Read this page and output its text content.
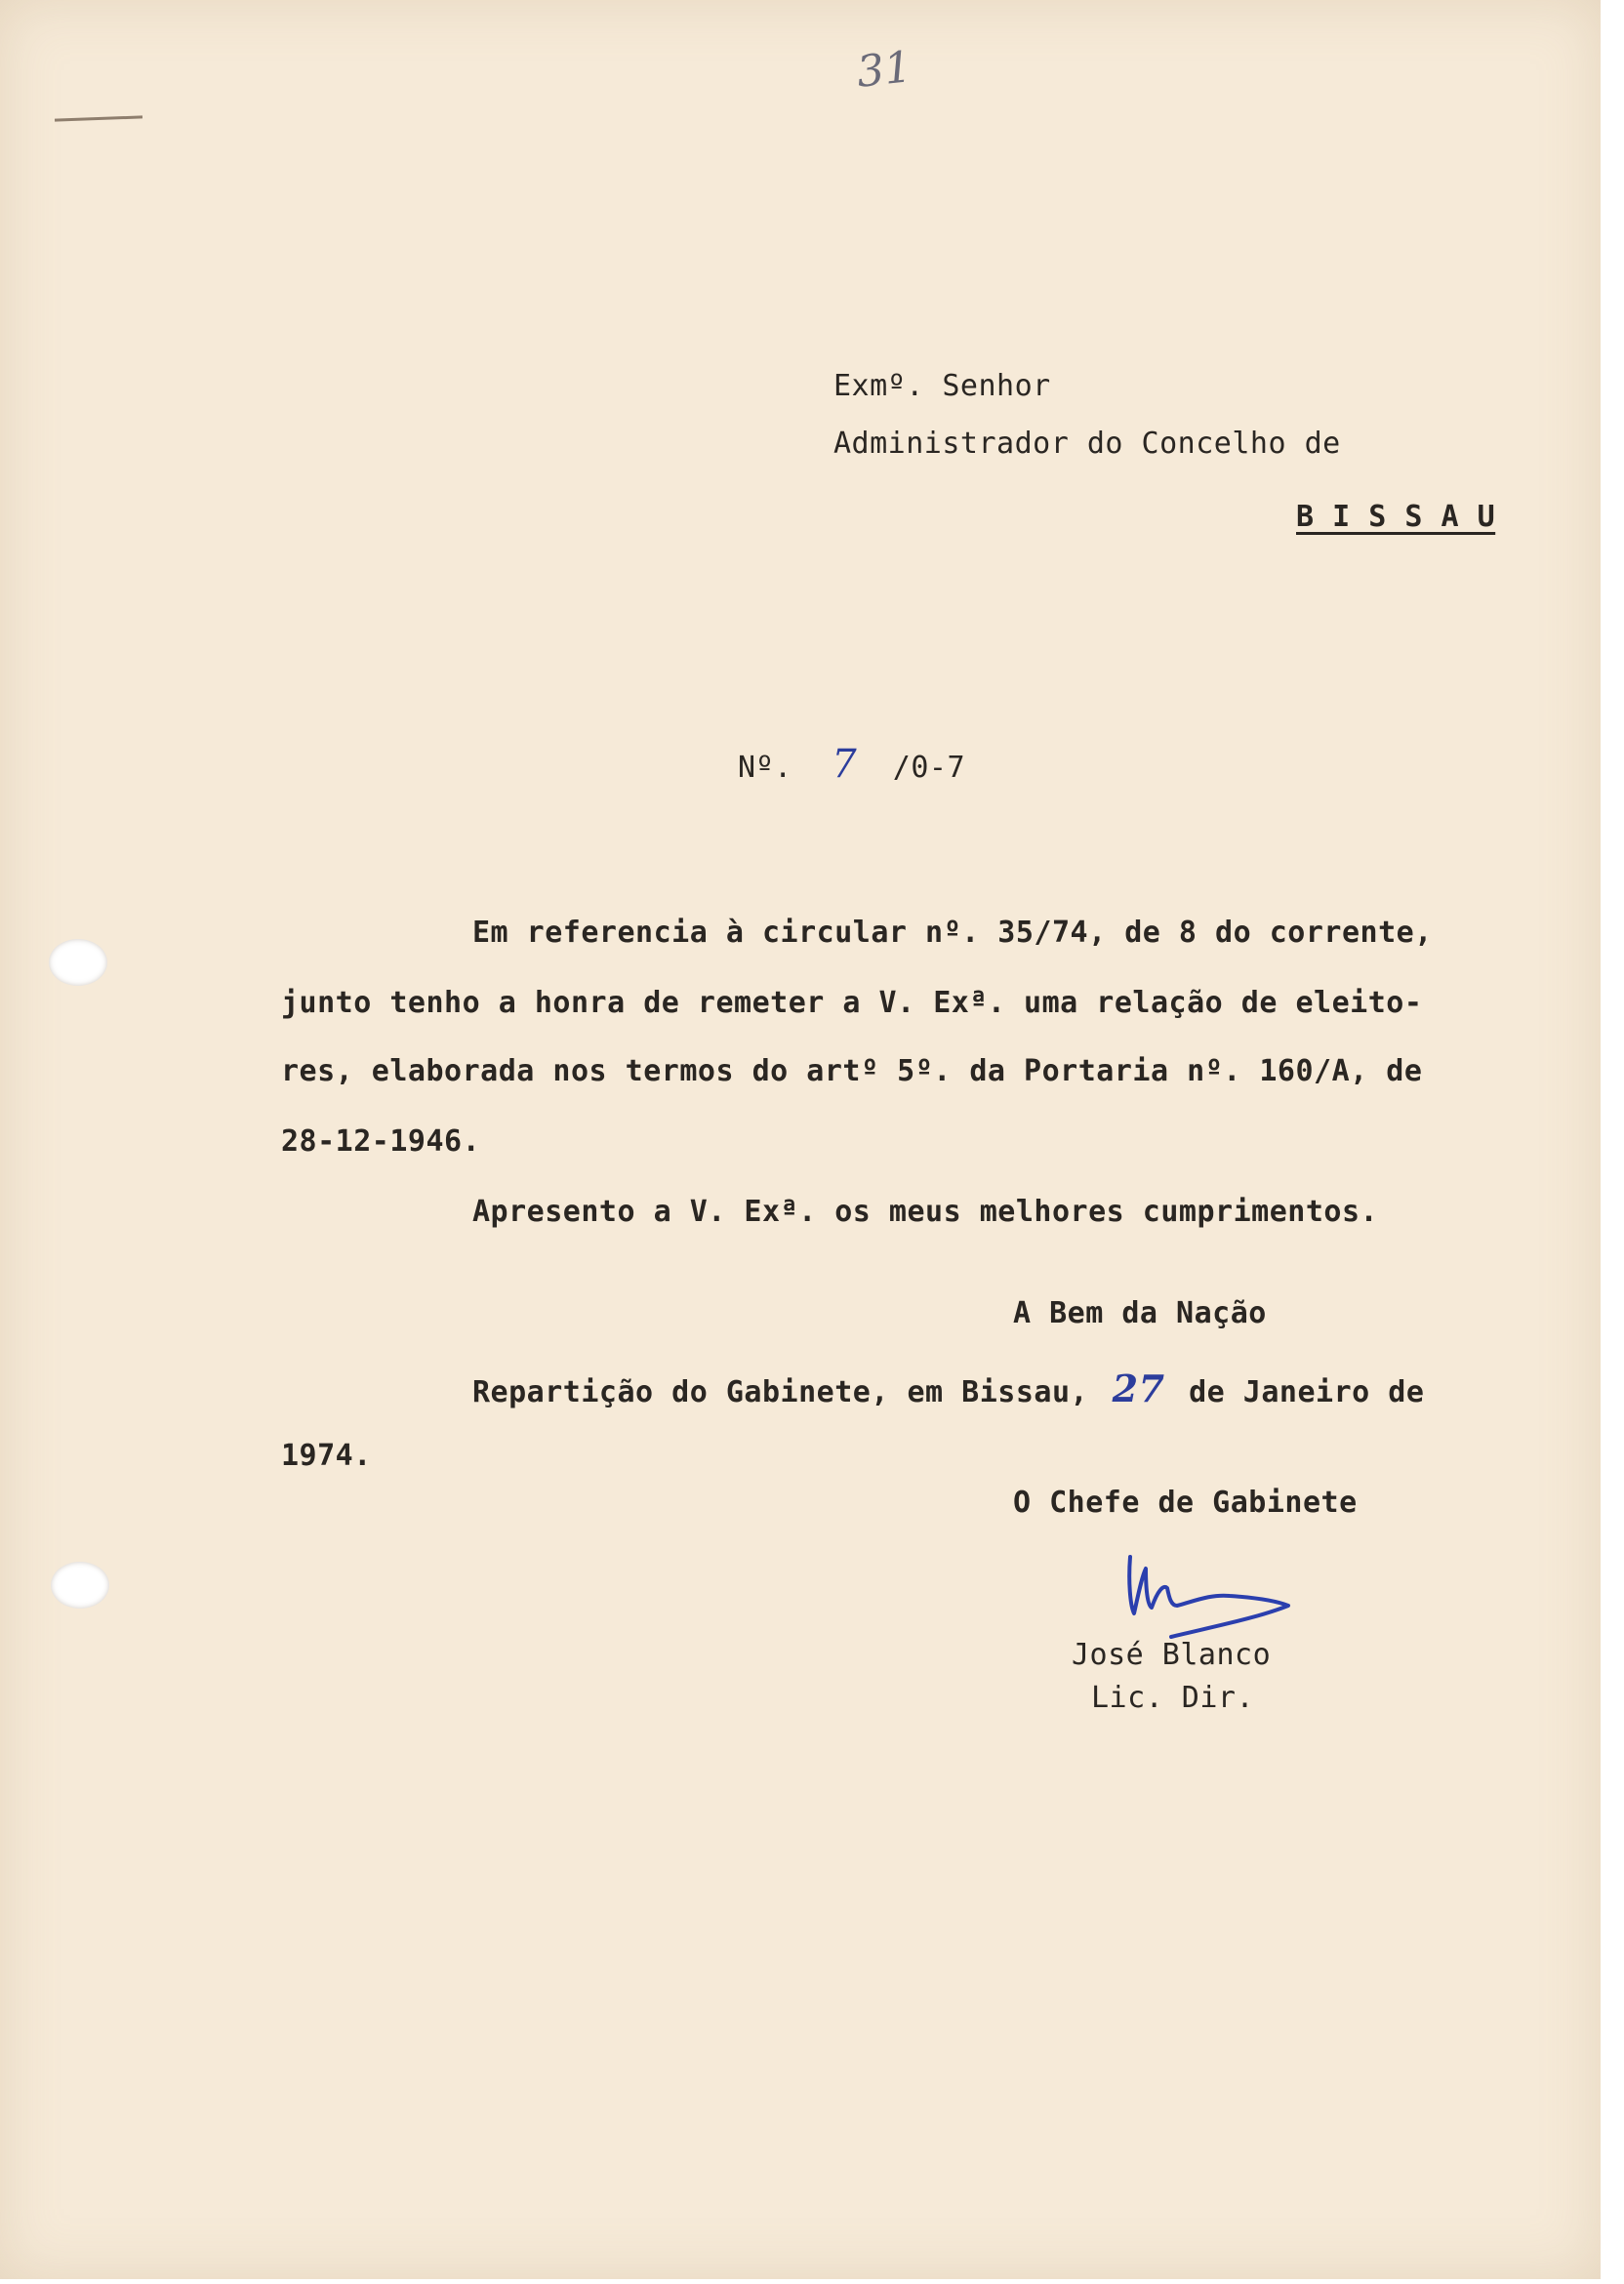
31
Exmº. Senhor
Administrador do Concelho de
B I S S A U
Nº. 7 /0-7
Em referencia à circular nº. 35/74, de 8 do corrente,
junto tenho a honra de remeter a V. Exª. uma relação de eleito-
res, elaborada nos termos do artº 5º. da Portaria nº. 160/A, de
28-12-1946.
Apresento a V. Exª. os meus melhores cumprimentos.
A Bem da Nação
Repartição do Gabinete, em Bissau, 27 de Janeiro de
1974.
O Chefe de Gabinete
José Blanco
Lic. Dir.
